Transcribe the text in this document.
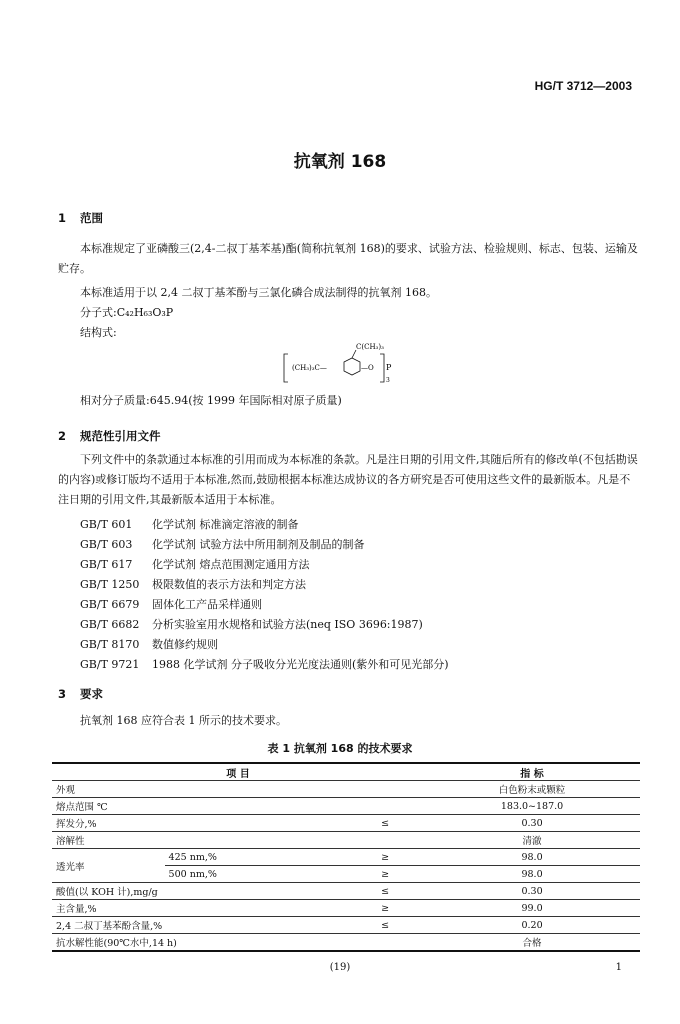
HG/T 3712—2003
抗氧剂 168
1 范围
本标准规定了亚磷酸三(2,4-二叔丁基苯基)酯(简称抗氧剂 168)的要求、试验方法、检验规则、标志、包装、运输及贮存。
本标准适用于以 2,4 二叔丁基苯酚与三氯化磷合成法制得的抗氧剂 168。
分子式:C₄₂H₆₃O₃P
结构式:
C(CH₃)₃
(CH₃)₃C—	—O P
3
相对分子质量:645.94(按 1999 年国际相对原子质量)
2 规范性引用文件
下列文件中的条款通过本标准的引用而成为本标准的条款。凡是注日期的引用文件,其随后所有的修改单(不包括勘误的内容)或修订版均不适用于本标准,然而,鼓励根据本标准达成协议的各方研究是否可使用这些文件的最新版本。凡是不注日期的引用文件,其最新版本适用于本标准。
GB/T 601 化学试剂 标准滴定溶液的制备
GB/T 603 化学试剂 试验方法中所用制剂及制品的制备
GB/T 617 化学试剂 熔点范围测定通用方法
GB/T 1250 极限数值的表示方法和判定方法
GB/T 6679 固体化工产品采样通则
GB/T 6682 分析实验室用水规格和试验方法(neq ISO 3696:1987)
GB/T 8170 数值修约规则
GB/T 9721 1988 化学试剂 分子吸收分光光度法通则(紫外和可见光部分)
3 要求
抗氧剂 168 应符合表 1 所示的技术要求。
表 1 抗氧剂 168 的技术要求
项 目			指 标
外观			白色粉末或颗粒
熔点范围 ℃			183.0~187.0
挥发分,%		≤	0.30
溶解性			清澈
透光率	425 nm,%	≥	98.0
	500 nm,%	≥	98.0
酸值(以 KOH 计),mg/g		≤	0.30
主含量,%		≥	99.0
2,4 二叔丁基苯酚含量,%		≤	0.20
抗水解性能(90℃水中,14 h)			合格
(19)	1
